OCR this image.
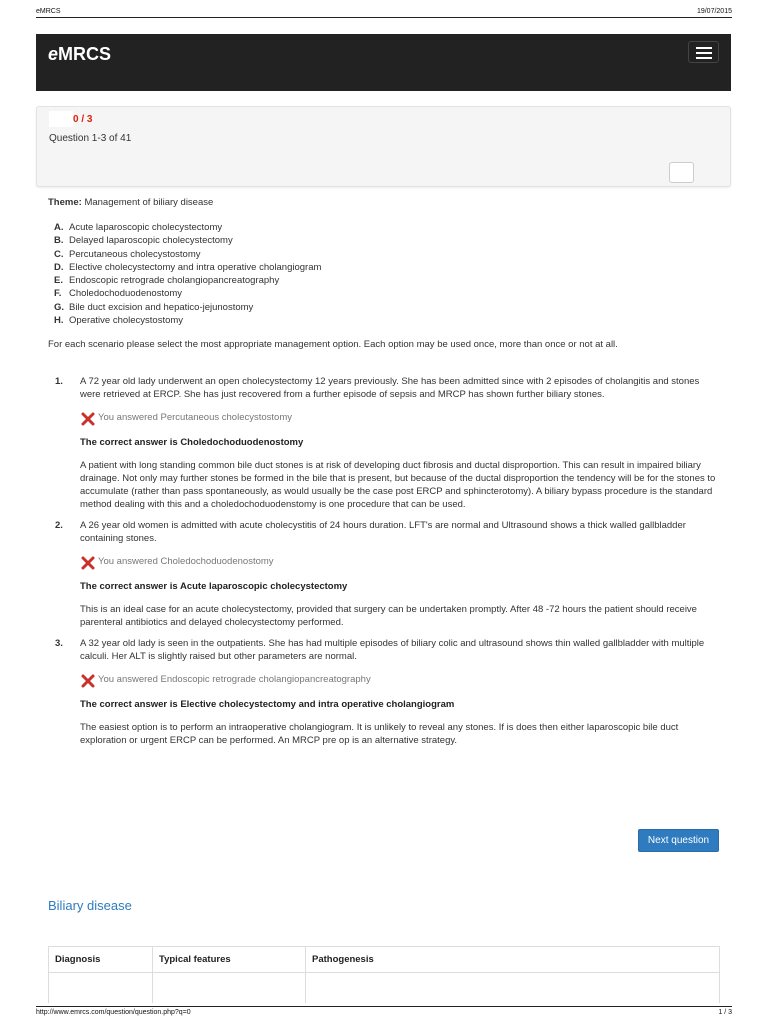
eMRCS	19/07/2015
eMRCS
0 / 3
Question 1-3 of 41
Theme: Management of biliary disease
A. Acute laparoscopic cholecystectomy
B. Delayed laparoscopic cholecystectomy
C. Percutaneous cholecystostomy
D. Elective cholecystectomy and intra operative cholangiogram
E. Endoscopic retrograde cholangiopancreatography
F. Choledochoduodenostomy
G. Bile duct excision and hepatico-jejunostomy
H. Operative cholecystostomy
For each scenario please select the most appropriate management option. Each option may be used once, more than once or not at all.
1. A 72 year old lady underwent an open cholecystectomy 12 years previously. She has been admitted since with 2 episodes of cholangitis and stones were retrieved at ERCP. She has just recovered from a further episode of sepsis and MRCP has shown further biliary stones.
You answered Percutaneous cholecystostomy
The correct answer is Choledochoduodenostomy
A patient with long standing common bile duct stones is at risk of developing duct fibrosis and ductal disproportion. This can result in impaired biliary drainage. Not only may further stones be formed in the bile that is present, but because of the ductal disproportion the tendency will be for the stones to accumulate (rather than pass spontaneously, as would usually be the case post ERCP and sphincterotomy). A biliary bypass procedure is the standard method dealing with this and a choledochoduodenstomy is one procedure that can be used.
2. A 26 year old women is admitted with acute cholecystitis of 24 hours duration. LFT's are normal and Ultrasound shows a thick walled gallbladder containing stones.
You answered Choledochoduodenostomy
The correct answer is Acute laparoscopic cholecystectomy
This is an ideal case for an acute cholecystectomy, provided that surgery can be undertaken promptly. After 48 -72 hours the patient should receive parenteral antibiotics and delayed cholecystectomy performed.
3. A 32 year old lady is seen in the outpatients. She has had multiple episodes of biliary colic and ultrasound shows thin walled gallbladder with multiple calculi. Her ALT is slightly raised but other parameters are normal.
You answered Endoscopic retrograde cholangiopancreatography
The correct answer is Elective cholecystectomy and intra operative cholangiogram
The easiest option is to perform an intraoperative cholangiogram. It is unlikely to reveal any stones. If is does then either laparoscopic bile duct exploration or urgent ERCP can be performed. An MRCP pre op is an alternative strategy.
Next question
Biliary disease
Diagnosis	Typical features	Pathogenesis
http://www.emrcs.com/question/question.php?q=0	1 / 3
